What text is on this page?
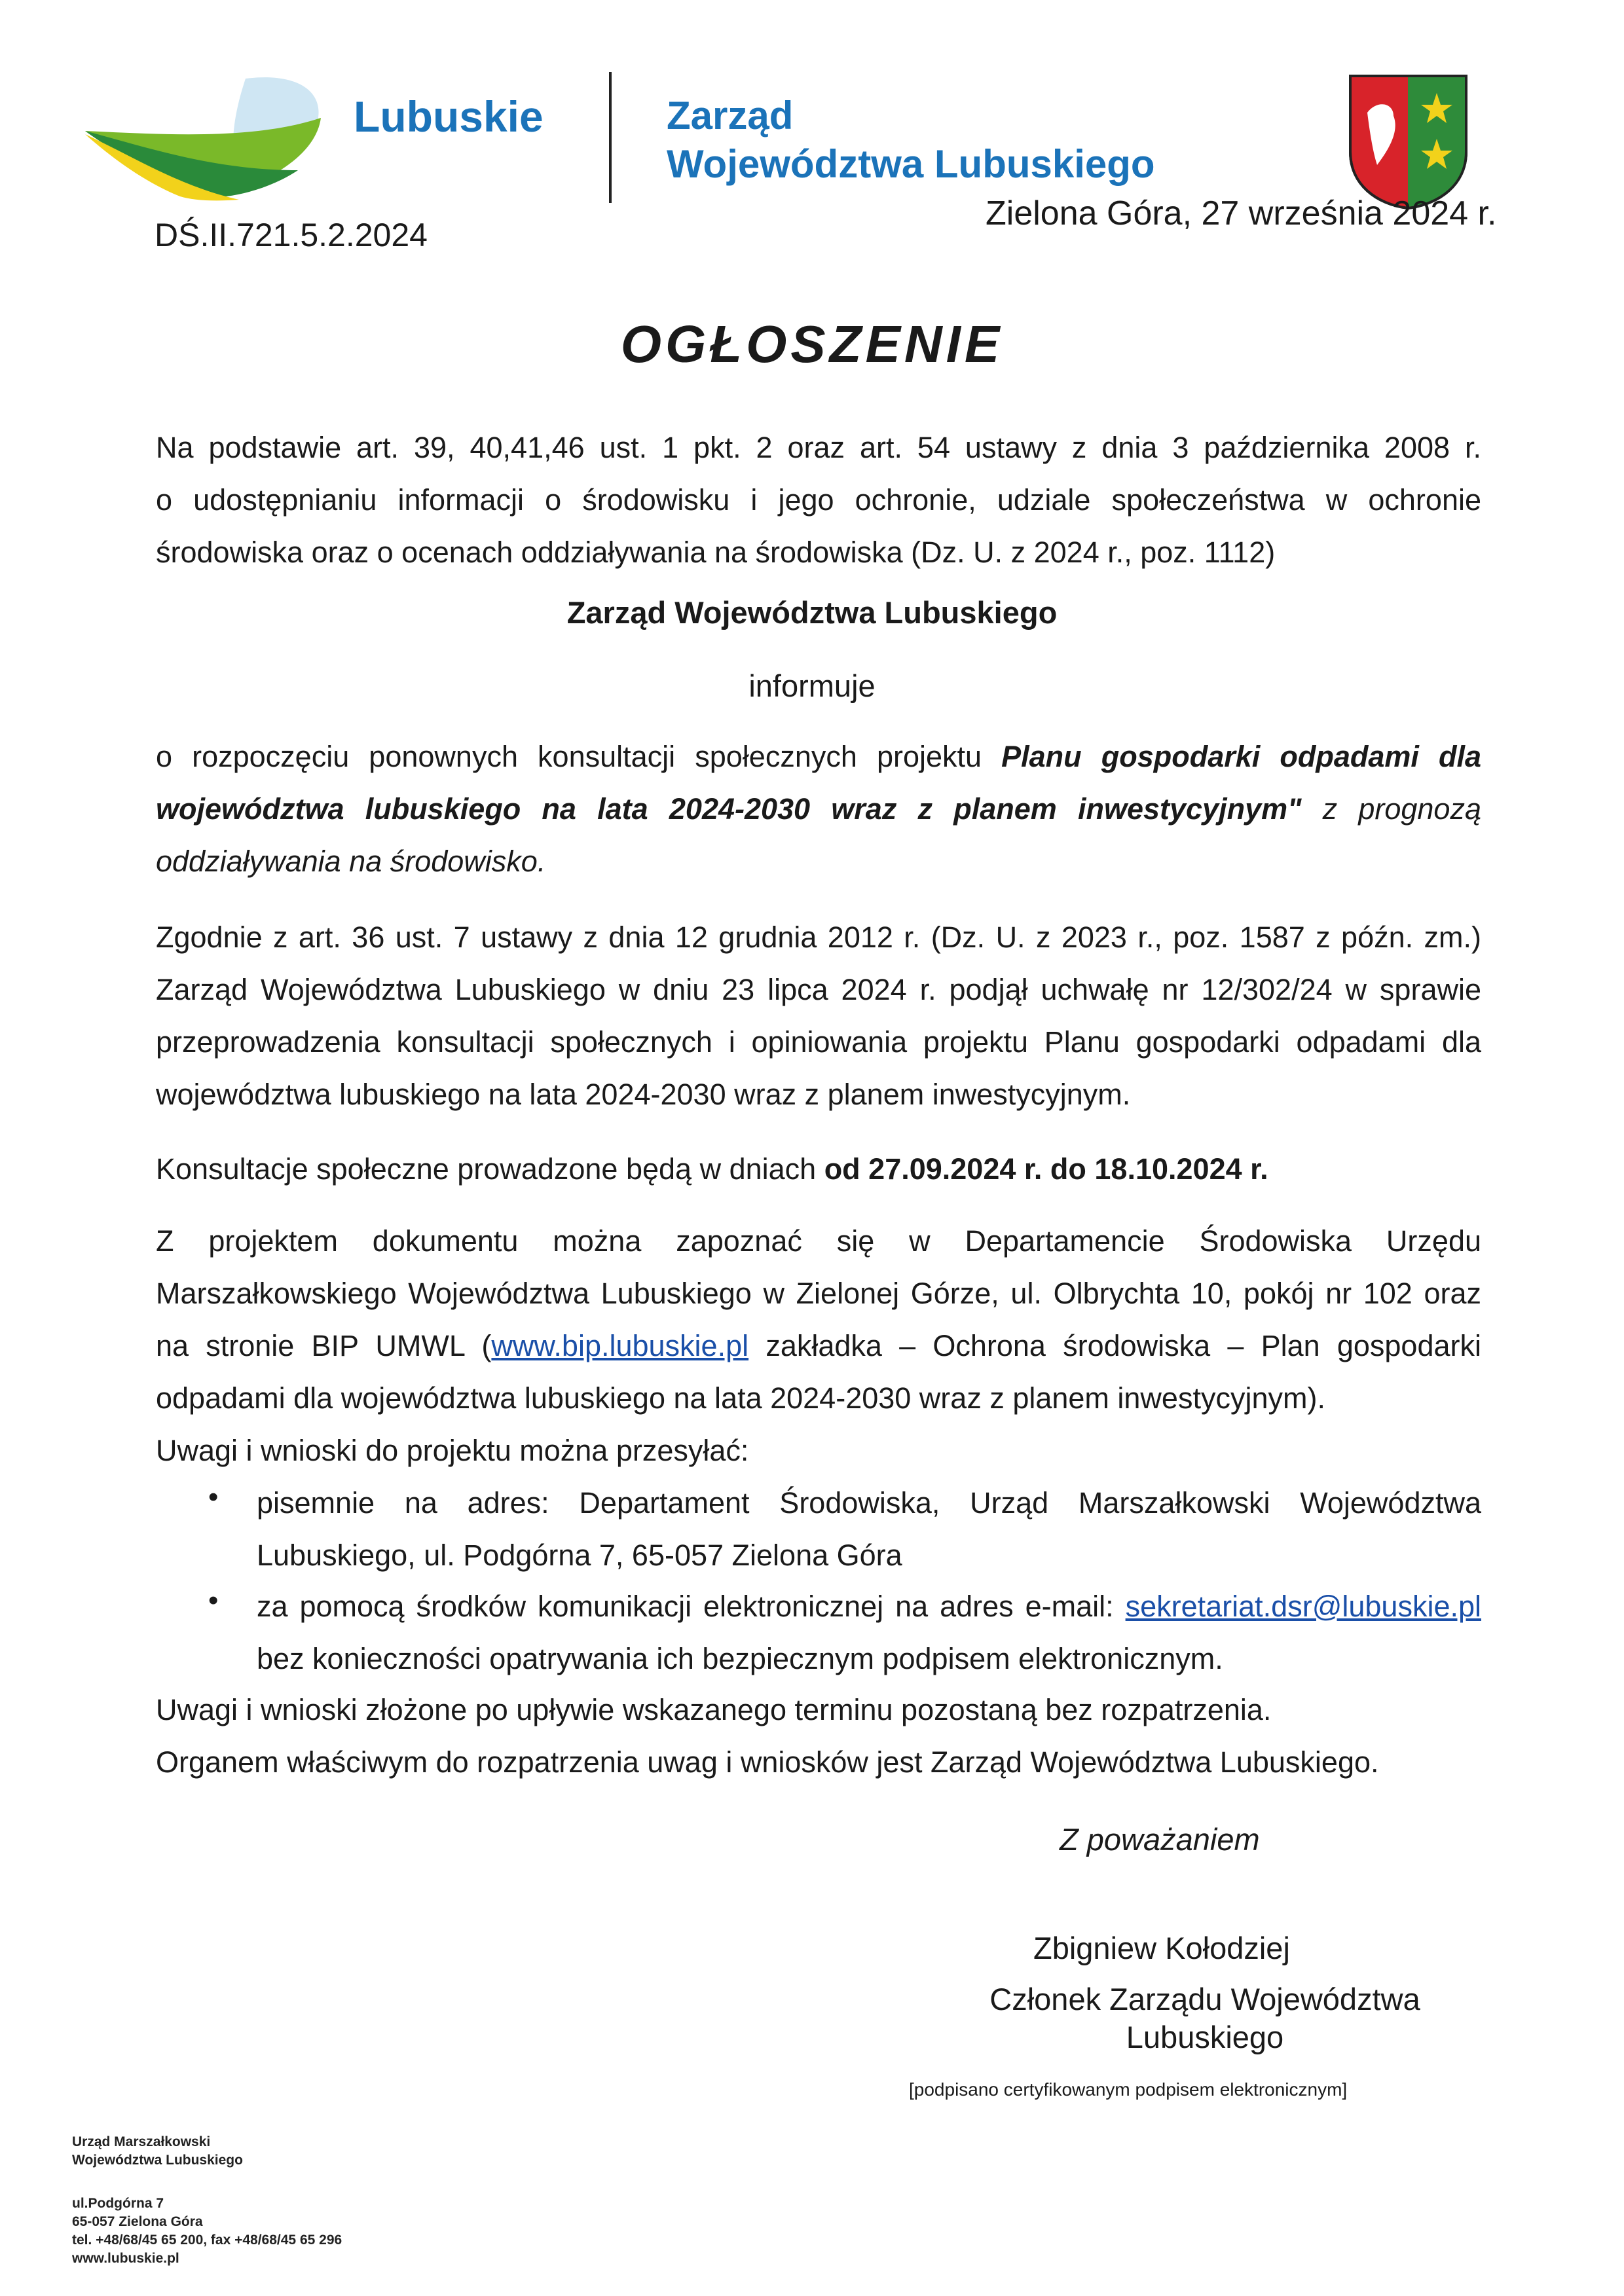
Lubuskie	Zarząd
Województwa Lubuskiego
DŚ.II.721.5.2.2024
Zielona Góra, 27 września 2024 r.
OGŁOSZENIE
Na podstawie art. 39, 40,41,46 ust. 1 pkt. 2 oraz art. 54 ustawy z dnia 3 października 2008 r.
o udostępnianiu informacji o środowisku i jego ochronie, udziale społeczeństwa w ochronie
środowiska oraz o ocenach oddziaływania na środowiska (Dz. U. z 2024 r., poz. 1112)
Zarząd Województwa Lubuskiego
informuje
o rozpoczęciu ponownych konsultacji społecznych projektu Planu gospodarki odpadami dla
województwa lubuskiego na lata 2024-2030 wraz z planem inwestycyjnym" z prognozą
oddziaływania na środowisko.
Zgodnie z art. 36 ust. 7 ustawy z dnia 12 grudnia 2012 r. (Dz. U. z 2023 r., poz. 1587 z późn. zm.)
Zarząd Województwa Lubuskiego w dniu 23 lipca 2024 r. podjął uchwałę nr 12/302/24 w sprawie
przeprowadzenia konsultacji społecznych i opiniowania projektu Planu gospodarki odpadami dla
województwa lubuskiego na lata 2024-2030 wraz z planem inwestycyjnym.
Konsultacje społeczne prowadzone będą w dniach od 27.09.2024 r. do 18.10.2024 r.
Z projektem dokumentu można zapoznać się w Departamencie Środowiska Urzędu
Marszałkowskiego Województwa Lubuskiego w Zielonej Górze, ul. Olbrychta 10, pokój nr 102 oraz
na stronie BIP UMWL (www.bip.lubuskie.pl zakładka – Ochrona środowiska – Plan gospodarki
odpadami dla województwa lubuskiego na lata 2024-2030 wraz z planem inwestycyjnym).
Uwagi i wnioski do projektu można przesyłać:
• pisemnie na adres: Departament Środowiska, Urząd Marszałkowski Województwa
Lubuskiego, ul. Podgórna 7, 65-057 Zielona Góra
• za pomocą środków komunikacji elektronicznej na adres e-mail: sekretariat.dsr@lubuskie.pl
bez konieczności opatrywania ich bezpiecznym podpisem elektronicznym.
Uwagi i wnioski złożone po upływie wskazanego terminu pozostaną bez rozpatrzenia.
Organem właściwym do rozpatrzenia uwag i wniosków jest Zarząd Województwa Lubuskiego.
Z poważaniem
Zbigniew Kołodziej
Członek Zarządu Województwa
Lubuskiego
[podpisano certyfikowanym podpisem elektronicznym]
Urząd Marszałkowski
Województwa Lubuskiego
ul.Podgórna 7
65-057 Zielona Góra
tel. +48/68/45 65 200, fax +48/68/45 65 296
www.lubuskie.pl
